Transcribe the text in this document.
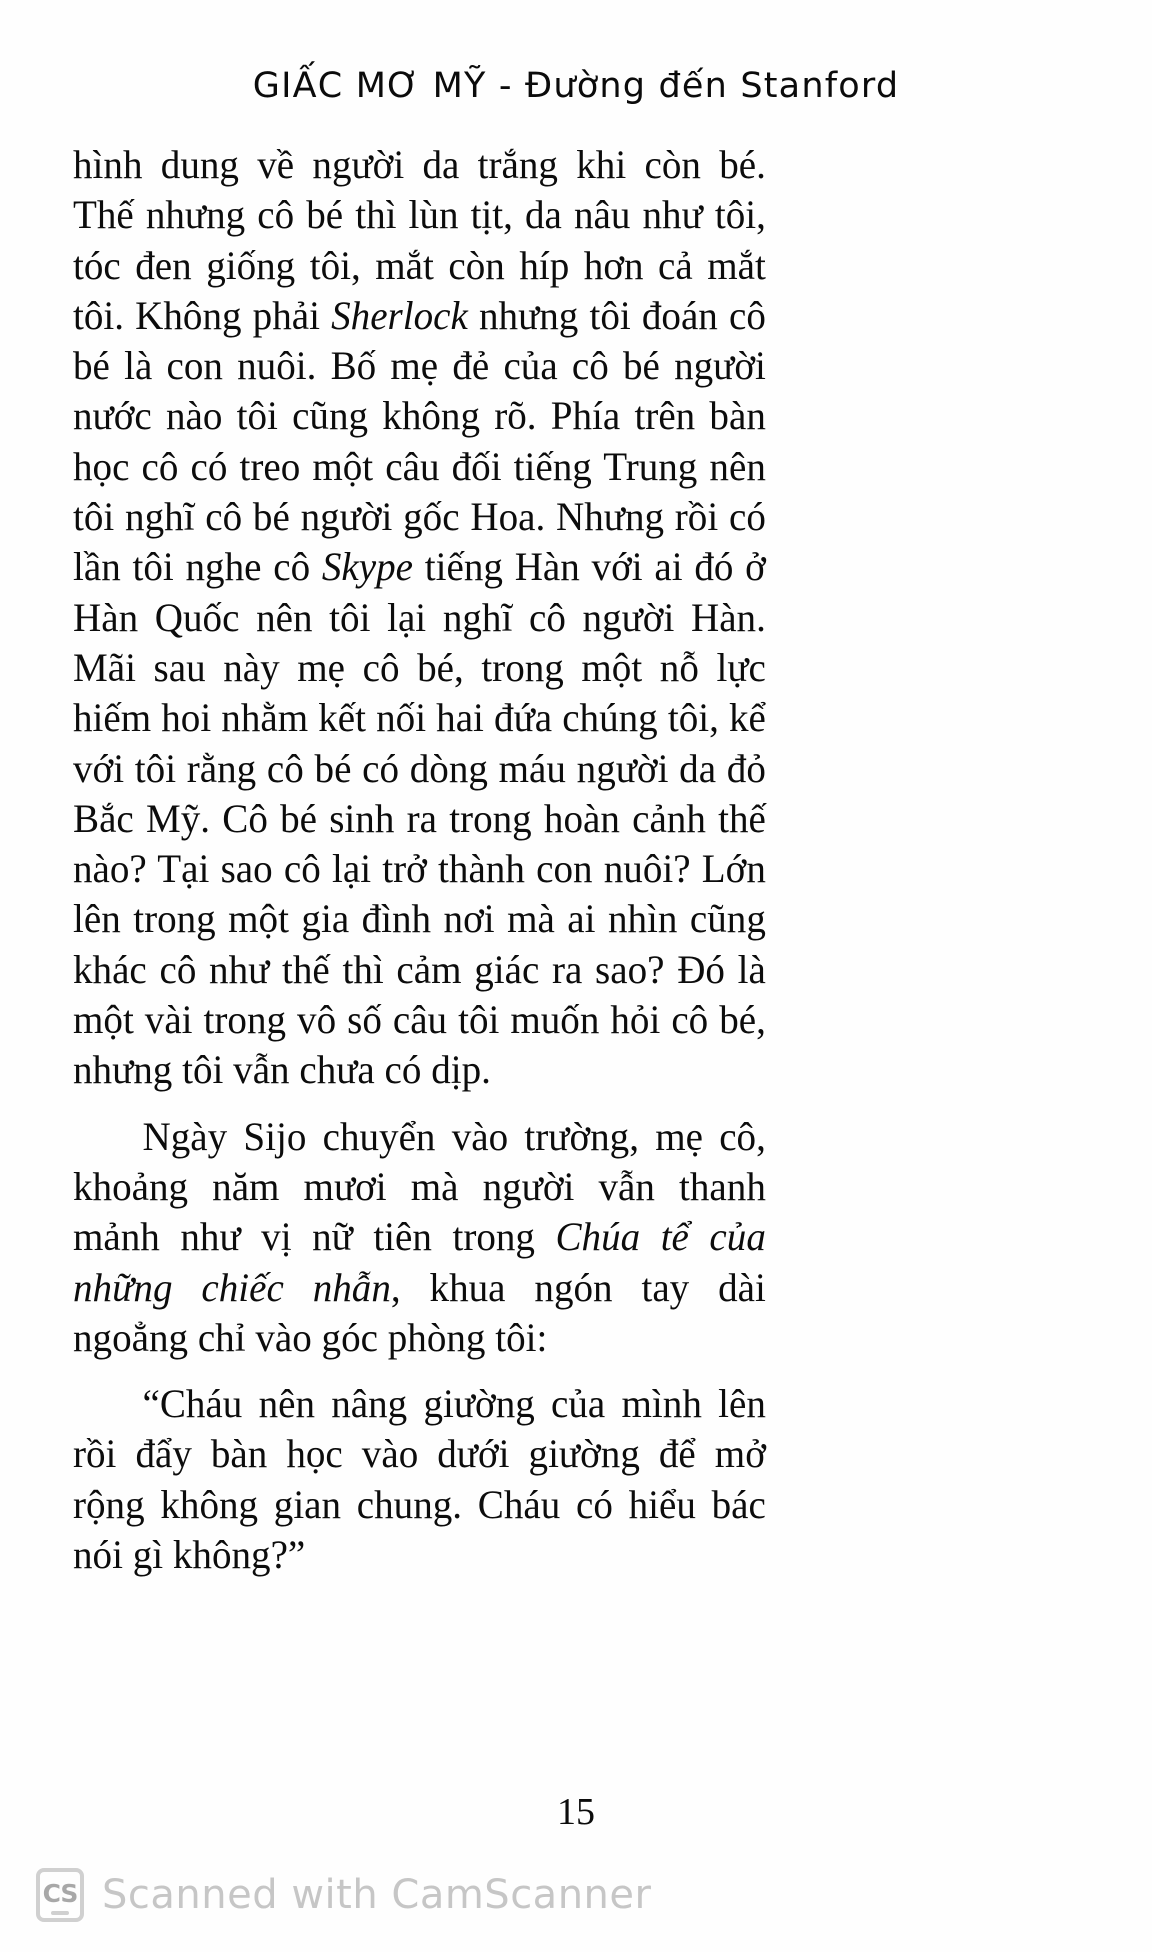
GIẤC MƠ MỸ - Đường đến Stanford

hình dung về người da trắng khi còn bé. Thế nhưng cô bé thì lùn tịt, da nâu như tôi, tóc đen giống tôi, mắt còn híp hơn cả mắt tôi. Không phải Sherlock nhưng tôi đoán cô bé là con nuôi. Bố mẹ đẻ của cô bé người nước nào tôi cũng không rõ. Phía trên bàn học cô có treo một câu đối tiếng Trung nên tôi nghĩ cô bé người gốc Hoa. Nhưng rồi có lần tôi nghe cô Skype tiếng Hàn với ai đó ở Hàn Quốc nên tôi lại nghĩ cô người Hàn. Mãi sau này mẹ cô bé, trong một nỗ lực hiếm hoi nhằm kết nối hai đứa chúng tôi, kể với tôi rằng cô bé có dòng máu người da đỏ Bắc Mỹ. Cô bé sinh ra trong hoàn cảnh thế nào? Tại sao cô lại trở thành con nuôi? Lớn lên trong một gia đình nơi mà ai nhìn cũng khác cô như thế thì cảm giác ra sao? Đó là một vài trong vô số câu tôi muốn hỏi cô bé, nhưng tôi vẫn chưa có dịp.

Ngày Sijo chuyển vào trường, mẹ cô, khoảng năm mươi mà người vẫn thanh mảnh như vị nữ tiên trong Chúa tể của những chiếc nhẫn, khua ngón tay dài ngoẳng chỉ vào góc phòng tôi:

“Cháu nên nâng giường của mình lên rồi đẩy bàn học vào dưới giường để mở rộng không gian chung. Cháu có hiểu bác nói gì không?”

15
CS Scanned with CamScanner
